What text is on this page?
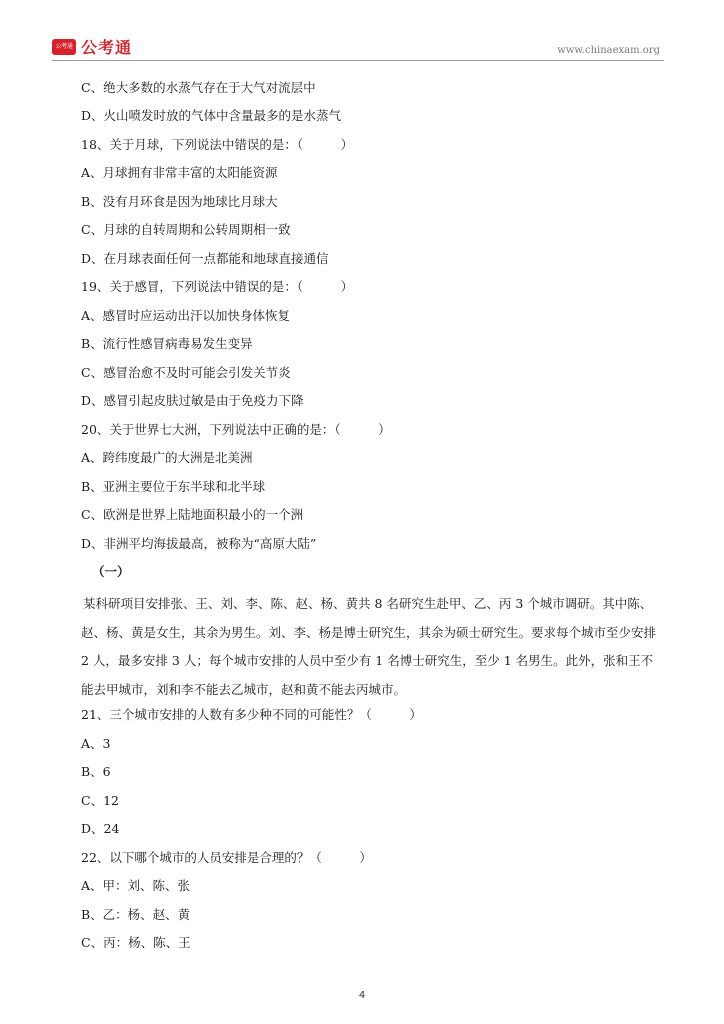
公考通 公考通	www.chinaexam.org
C、绝大多数的水蒸气存在于大气对流层中
D、火山喷发时放的气体中含量最多的是水蒸气
18、关于月球，下列说法中错误的是：（　　　）
A、月球拥有非常丰富的太阳能资源
B、没有月环食是因为地球比月球大
C、月球的自转周期和公转周期相一致
D、在月球表面任何一点都能和地球直接通信
19、关于感冒，下列说法中错误的是：（　　　）
A、感冒时应运动出汗以加快身体恢复
B、流行性感冒病毒易发生变异
C、感冒治愈不及时可能会引发关节炎
D、感冒引起皮肤过敏是由于免疫力下降
20、关于世界七大洲，下列说法中正确的是：（　　　）
A、跨纬度最广的大洲是北美洲
B、亚洲主要位于东半球和北半球
C、欧洲是世界上陆地面积最小的一个洲
D、非洲平均海拔最高，被称为“高原大陆”
（一）
某科研项目安排张、王、刘、李、陈、赵、杨、黄共 8 名研究生赴甲、乙、丙 3 个城市调研。其中陈、赵、杨、黄是女生，其余为男生。刘、李、杨是博士研究生，其余为硕士研究生。要求每个城市至少安排 2 人，最多安排 3 人；每个城市安排的人员中至少有 1 名博士研究生，至少 1 名男生。此外，张和王不能去甲城市，刘和李不能去乙城市，赵和黄不能去丙城市。
21、三个城市安排的人数有多少种不同的可能性？（　　　）
A、3
B、6
C、12
D、24
22、以下哪个城市的人员安排是合理的？（　　　）
A、甲：刘、陈、张
B、乙：杨、赵、黄
C、丙：杨、陈、王
4
